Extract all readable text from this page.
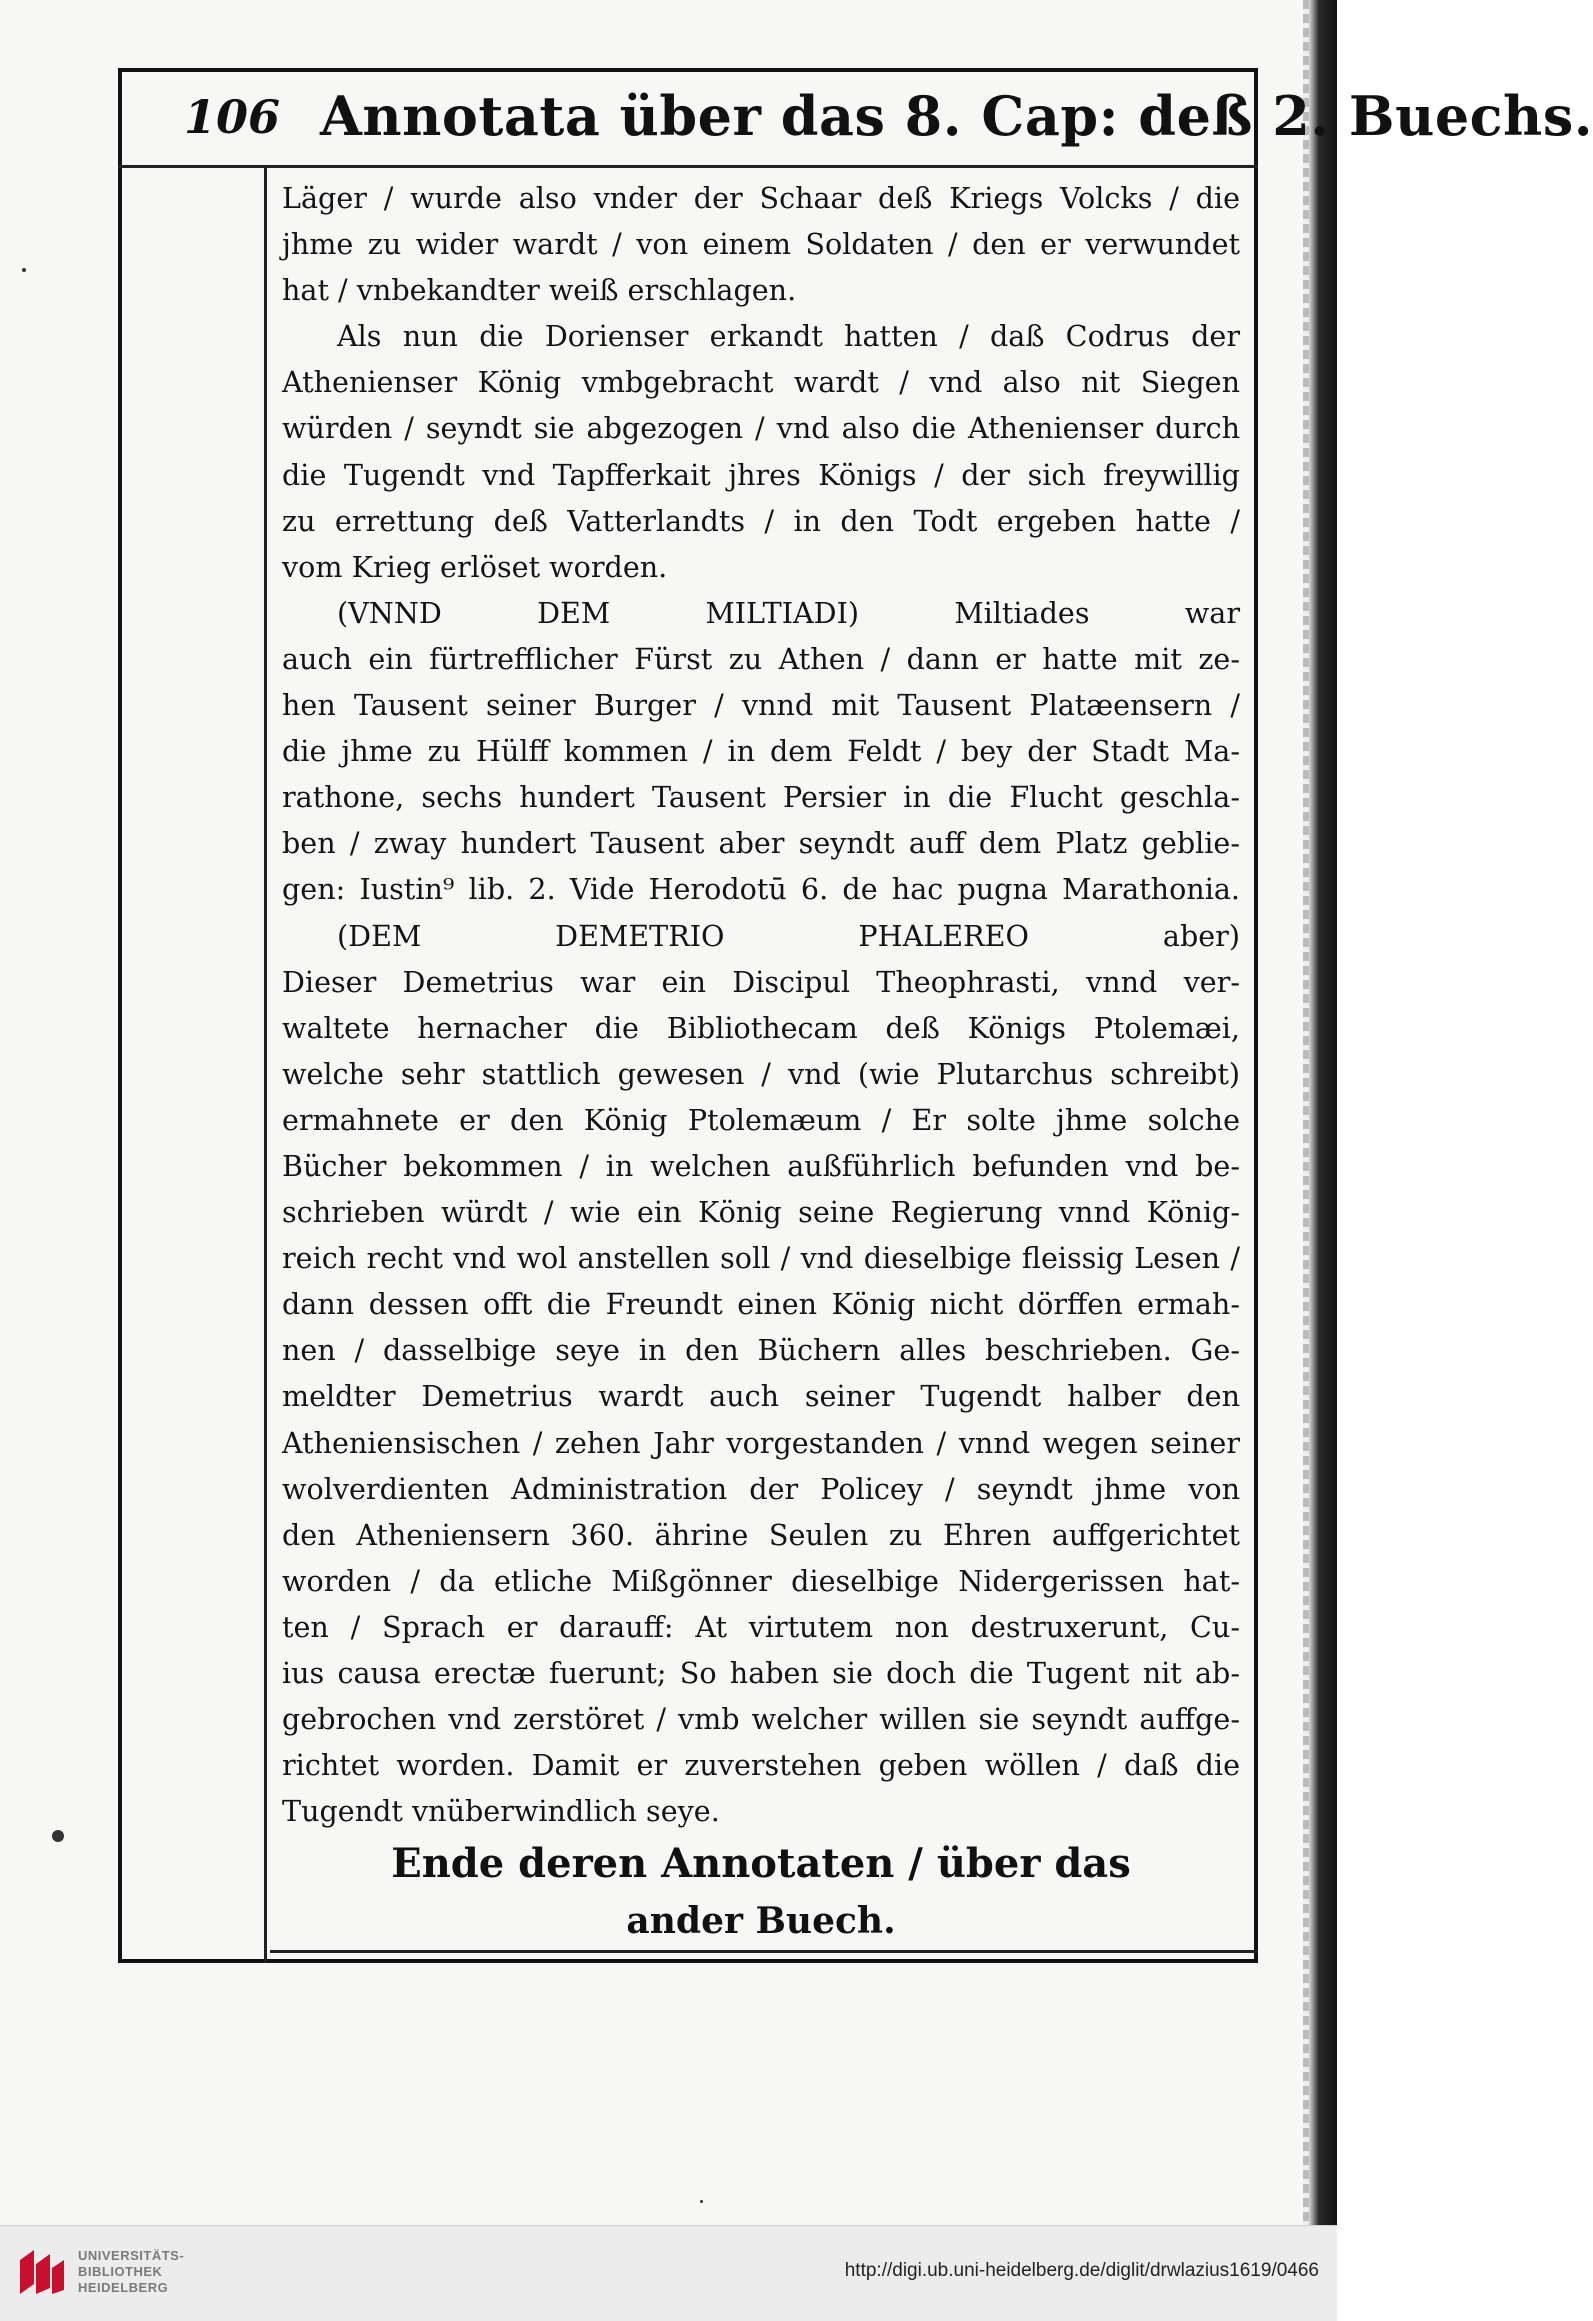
106 Annotata über das 8. Cap: deß 2. Buechs.
Läger / wurde also vnder der Schaar deß Kriegs Volcks / die
jhme zu wider wardt / von einem Soldaten / den er verwundet
hat / vnbekandter weiß erschlagen.
Als nun die Dorienser erkandt hatten / daß Codrus der
Athenienser König vmbgebracht wardt / vnd also nit Siegen
würden / seyndt sie abgezogen / vnd also die Athenienser durch
die Tugendt vnd Tapfferkait jhres Königs / der sich freywillig
zu errettung deß Vatterlandts / in den Todt ergeben hatte /
vom Krieg erlöset worden.
(VNND DEM MILTIADI) Miltiades war
auch ein fürtrefflicher Fürst zu Athen / dann er hatte mit ze-
hen Tausent seiner Burger / vnnd mit Tausent Platæensern /
die jhme zu Hülff kommen / in dem Feldt / bey der Stadt Ma-
rathone, sechs hundert Tausent Persier in die Flucht geschla-
ben / zway hundert Tausent aber seyndt auff dem Platz geblie-
gen: Iustin⁹ lib. 2. Vide Herodotū 6. de hac pugna Marathonia.
(DEM DEMETRIO PHALEREO aber)
Dieser Demetrius war ein Discipul Theophrasti, vnnd ver-
waltete hernacher die Bibliothecam deß Königs Ptolemæi,
welche sehr stattlich gewesen / vnd (wie Plutarchus schreibt)
ermahnete er den König Ptolemæum / Er solte jhme solche
Bücher bekommen / in welchen außführlich befunden vnd be-
schrieben würdt / wie ein König seine Regierung vnnd König-
reich recht vnd wol anstellen soll / vnd dieselbige fleissig Lesen /
dann dessen offt die Freundt einen König nicht dörffen ermah-
nen / dasselbige seye in den Büchern alles beschrieben. Ge-
meldter Demetrius wardt auch seiner Tugendt halber den
Atheniensischen / zehen Jahr vorgestanden / vnnd wegen seiner
wolverdienten Administration der Policey / seyndt jhme von
den Atheniensern 360. ährine Seulen zu Ehren auffgerichtet
worden / da etliche Mißgönner dieselbige Nidergerissen hat-
ten / Sprach er darauff: At virtutem non destruxerunt, Cu-
ius causa erectæ fuerunt; So haben sie doch die Tugent nit ab-
gebrochen vnd zerstöret / vmb welcher willen sie seyndt auffge-
richtet worden. Damit er zuverstehen geben wöllen / daß die
Tugendt vnüberwindlich seye.
Ende deren Annotaten / über das
ander Buech.
UNIVERSITÄTS-
BIBLIOTHEK
HEIDELBERG
http://digi.ub.uni-heidelberg.de/diglit/drwlazius1619/0466
